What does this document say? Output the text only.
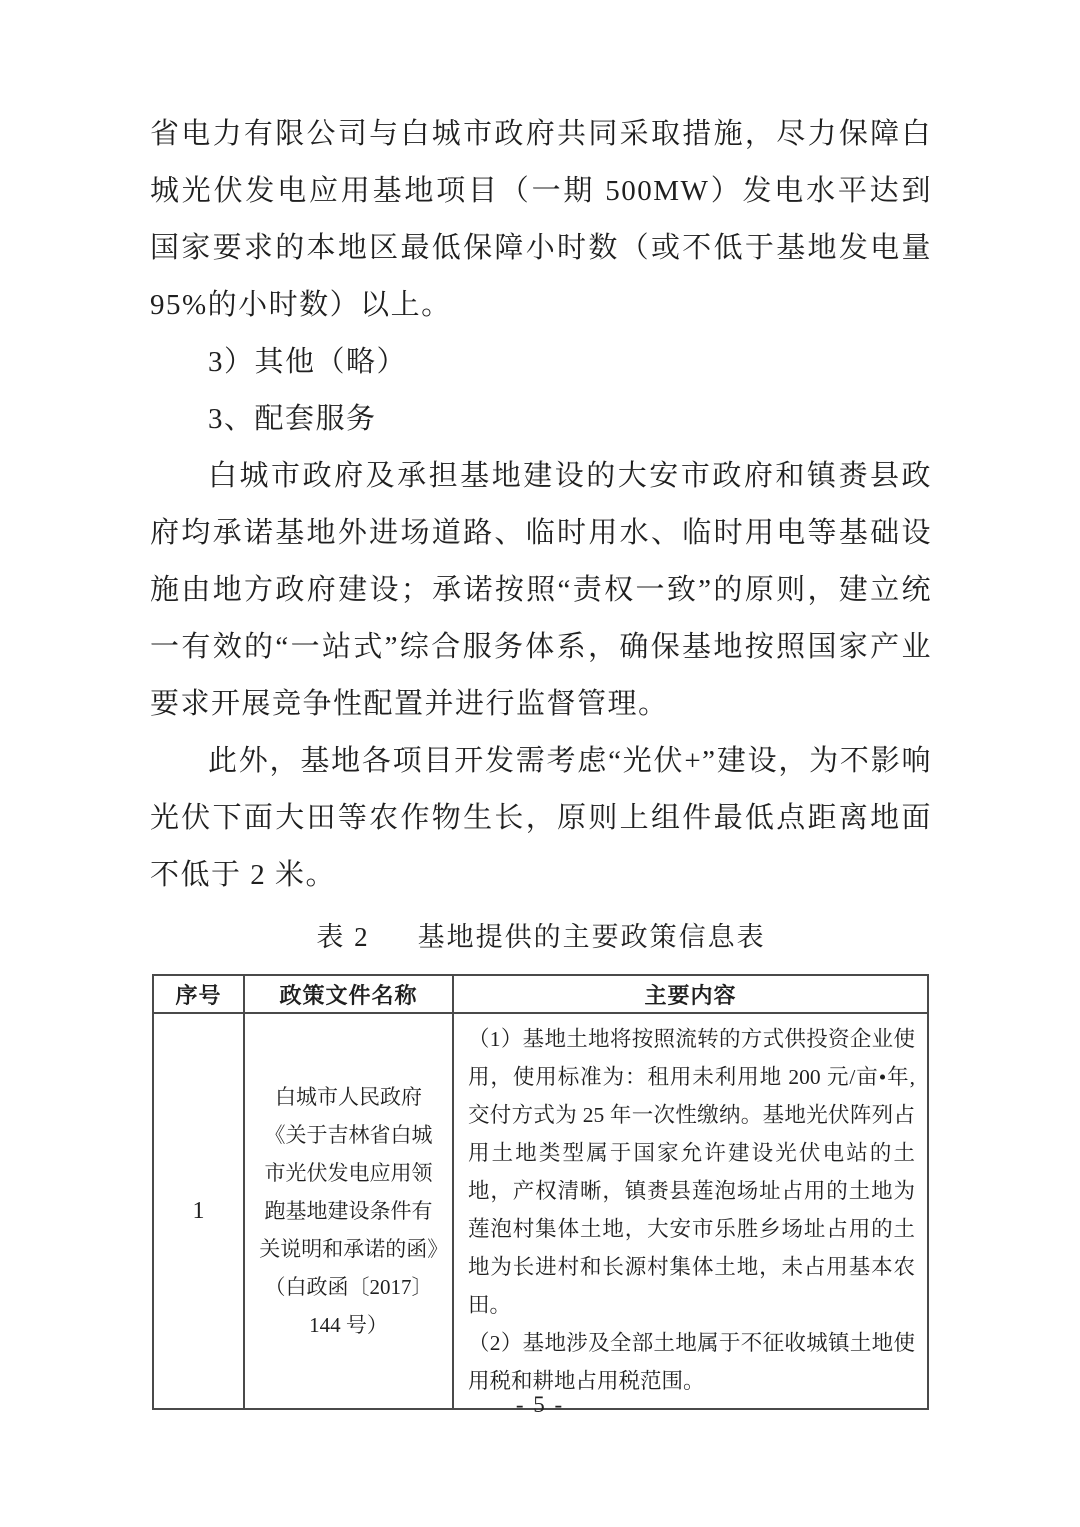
省电力有限公司与白城市政府共同采取措施，尽力保障白城光伏发电应用基地项目（一期 500MW）发电水平达到国家要求的本地区最低保障小时数（或不低于基地发电量 95%的小时数）以上。

3）其他（略）

3、配套服务

白城市政府及承担基地建设的大安市政府和镇赉县政府均承诺基地外进场道路、临时用水、临时用电等基础设施由地方政府建设；承诺按照“责权一致”的原则，建立统一有效的“一站式”综合服务体系，确保基地按照国家产业要求开展竞争性配置并进行监督管理。

此外，基地各项目开发需考虑“光伏+”建设，为不影响光伏下面大田等农作物生长，原则上组件最低点距离地面不低于 2 米。

表 2 基地提供的主要政策信息表
序号	政策文件名称	主要内容
1	白城市人民政府《关于吉林省白城市光伏发电应用领跑基地建设条件有关说明和承诺的函》（白政函〔2017〕144 号）	（1）基地土地将按照流转的方式供投资企业使用，使用标准为：租用未利用地 200 元/亩•年,交付方式为 25 年一次性缴纳。基地光伏阵列占用土地类型属于国家允许建设光伏电站的土地，产权清晰，镇赉县莲泡场址占用的土地为莲泡村集体土地，大安市乐胜乡场址占用的土地为长进村和长源村集体土地，未占用基本农田。

（2）基地涉及全部土地属于不征收城镇土地使用税和耕地占用税范围。

- 5 -
